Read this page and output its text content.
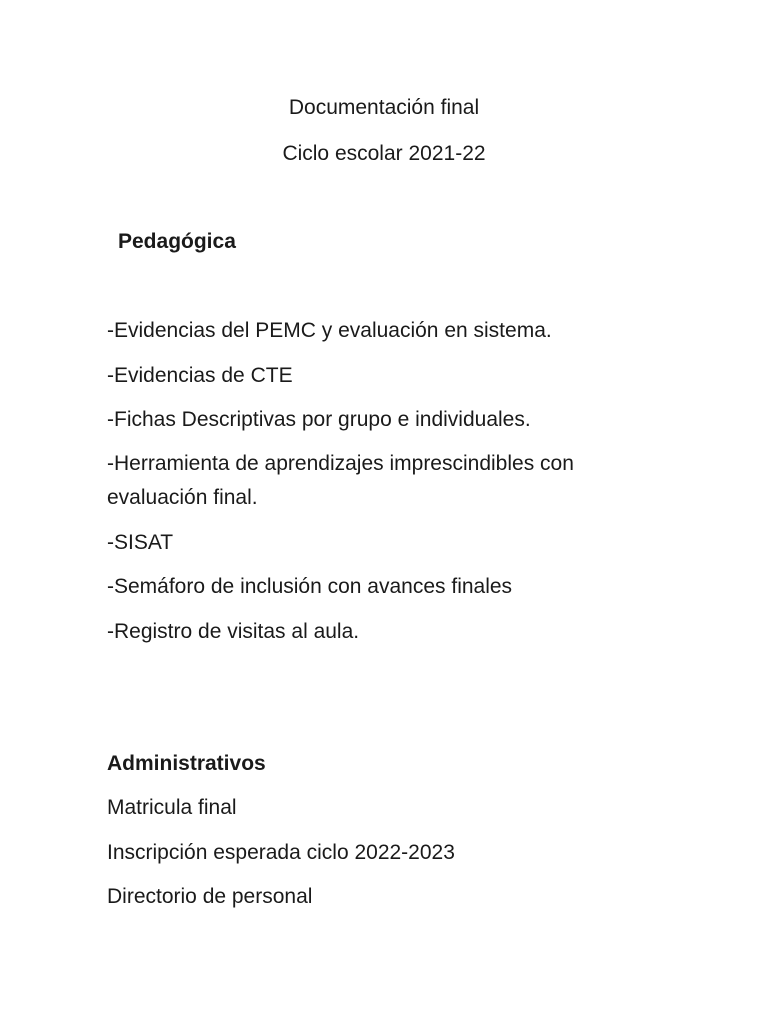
Documentación final
Ciclo escolar 2021-22
Pedagógica
-Evidencias del PEMC y evaluación en sistema.
-Evidencias de CTE
-Fichas Descriptivas por grupo e individuales.
-Herramienta de aprendizajes imprescindibles con evaluación final.
-SISAT
-Semáforo de inclusión con avances finales
-Registro de visitas al aula.
Administrativos
Matricula final
Inscripción esperada ciclo 2022-2023
Directorio de personal
